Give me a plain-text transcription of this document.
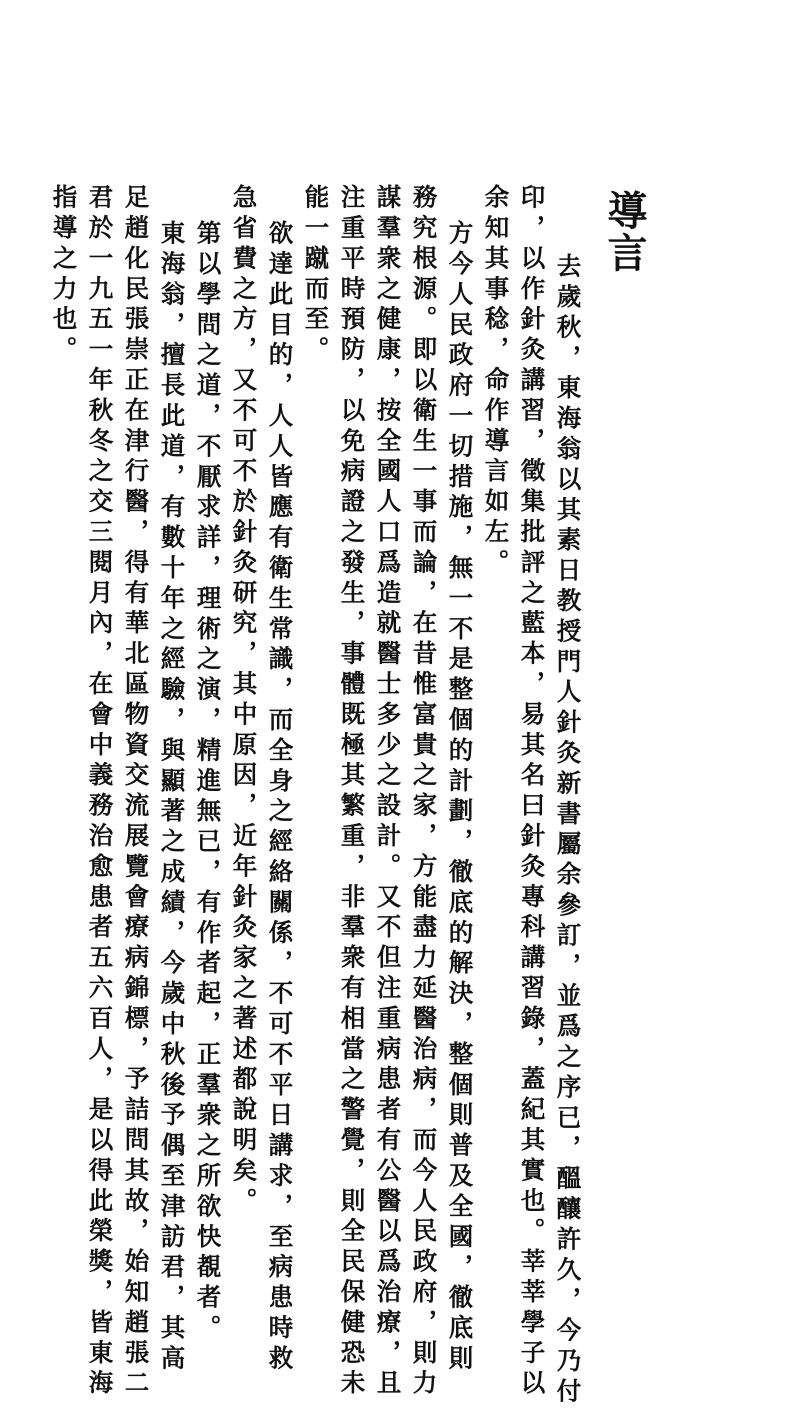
導言
去歲秋，東海翁以其素日教授門人針灸新書屬余參訂，並爲之序已，醞釀許久，今乃付
印，以作針灸講習，徵集批評之藍本，易其名曰針灸專科講習錄，蓋紀其實也。莘莘學子以
余知其事稔，命作導言如左。
方今人民政府一切措施，無一不是整個的計劃，徹底的解決，整個則普及全國，徹底則
務究根源。即以衛生一事而論，在昔惟富貴之家，方能盡力延醫治病，而今人民政府，則力
謀羣衆之健康，按全國人口爲造就醫士多少之設計。又不但注重病患者有公醫以爲治療，且
注重平時預防，以免病證之發生，事體既極其繁重，非羣衆有相當之警覺，則全民保健恐未
能一蹴而至。
欲達此目的，人人皆應有衛生常識，而全身之經絡關係，不可不平日講求，至病患時救
急省費之方，又不可不於針灸研究，其中原因，近年針灸家之著述都說明矣。
第以學問之道，不厭求詳，理術之演，精進無已，有作者起，正羣衆之所欲快覩者。
東海翁，擅長此道，有數十年之經驗，與顯著之成績，今歲中秋後予偶至津訪君，其高
足趙化民張崇正在津行醫，得有華北區物資交流展覽會療病錦標，予詰問其故，始知趙張二
君於一九五一年秋冬之交三閱月內，在會中義務治愈患者五六百人，是以得此榮獎，皆東海
指導之力也。
